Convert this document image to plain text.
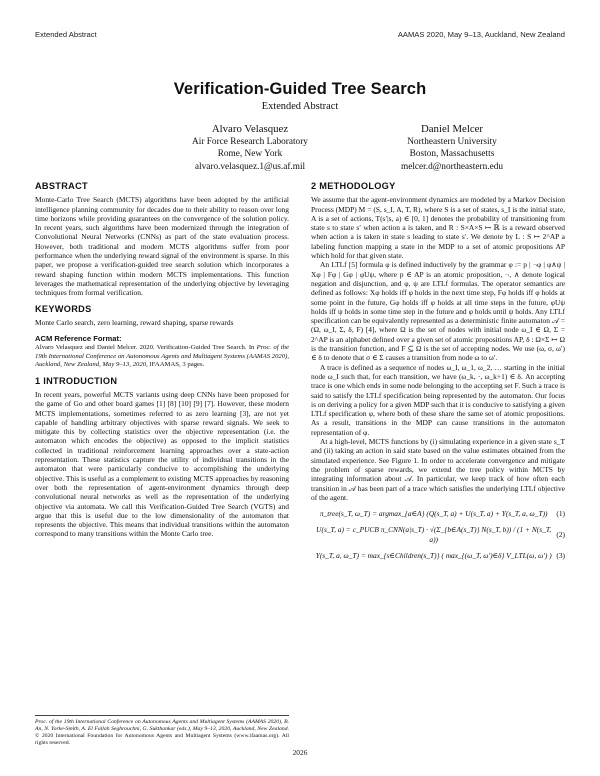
Extended Abstract	AAMAS 2020, May 9–13, Auckland, New Zealand
Verification-Guided Tree Search
Extended Abstract
Alvaro Velasquez
Air Force Research Laboratory
Rome, New York
alvaro.velasquez.1@us.af.mil
Daniel Melcer
Northeastern University
Boston, Massachusetts
melcer.d@northeastern.edu
ABSTRACT

Monte-Carlo Tree Search (MCTS) algorithms have been adopted by the artificial intelligence planning community for decades due to their ability to reason over long time horizons while providing guarantees on the convergence of the solution policy. In recent years, such algorithms have been modernized through the integration of Convolutional Neural Networks (CNNs) as part of the state evaluation process. However, both traditional and modern MCTS algorithms suffer from poor performance when the underlying reward signal of the environment is sparse. In this paper, we propose a verification-guided tree search solution which incorporates a reward shaping function within modern MCTS implementations. This function leverages the mathematical representation of the underlying objective by leveraging techniques from formal verification.

KEYWORDS

Monte Carlo search, zero learning, reward shaping, sparse rewards

ACM Reference Format:

Alvaro Velasquez and Daniel Melcer. 2020. Verification-Guided Tree Search. In Proc. of the 19th International Conference on Autonomous Agents and Multiagent Systems (AAMAS 2020), Auckland, New Zealand, May 9–13, 2020, IFAAMAS, 3 pages.

1 INTRODUCTION

In recent years, powerful MCTS variants using deep CNNs have been proposed for the game of Go and other board games [1] [8] [10] [9] [7]. However, these modern MCTS implementations, sometimes referred to as zero learning [3], are not yet capable of handling arbitrary objectives with sparse reward signals. We seek to mitigate this by collecting statistics over the objective representation (i.e. the automaton which encodes the objective) as opposed to the implicit statistics collected in traditional reinforcement learning approaches over a state-action representation. These statistics capture the utility of individual transitions in the automaton that were particularly conducive to accomplishing the underlying objective. This is useful as a complement to existing MCTS approaches by reasoning over both the representation of agent-environment dynamics through deep convolutional neural networks as well as the representation of the underlying objective via automata. We call this Verification-Guided Tree Search (VGTS) and argue that this is useful due to the low dimensionality of the automaton that represents the objective. This means that individual transitions within the automaton correspond to many transitions within the Monte Carlo tree.

Proc. of the 19th International Conference on Autonomous Agents and Multiagent Systems (AAMAS 2020), B. An, N. Yorke-Smith, A. El Fallah Seghrouchni, G. Sukthankar (eds.), May 9–13, 2020, Auckland, New Zealand. © 2020 International Foundation for Autonomous Agents and Multiagent Systems (www.ifaamas.org). All rights reserved.
2 METHODOLOGY

We assume that the agent-environment dynamics are modeled by a Markov Decision Process (MDP) M = (S, s_I, A, T, R), where S is a set of states, s_I is the initial state, A is a set of actions, T(s′|s, a) ∈ [0, 1] denotes the probability of transitioning from state s to state s′ when action a is taken, and R : S×A×S ↦ ℝ is a reward observed when action a is taken in state s leading to state s′. We denote by L : S ↦ 2^AP a labeling function mapping a state in the MDP to a set of atomic propositions AP which hold for that given state.

An LTLf [5] formula φ is defined inductively by the grammar φ := p | ¬φ | φ∧ψ | Xφ | Fφ | Gφ | φUψ, where p ∈ AP is an atomic proposition, ¬, ∧ denote logical negation and disjunction, and φ, ψ are LTLf formulas. The operator semantics are defined as follows: Xφ holds iff φ holds in the next time step, Fφ holds iff φ holds at some point in the future, Gφ holds iff φ holds at all time steps in the future, φUψ holds iff ψ holds in some time step in the future and φ holds until ψ holds. Any LTLf specification can be equivalently represented as a deterministic finite automaton 𝒜 = (Ω, ω_I, Σ, δ, F) [4], where Ω is the set of nodes with initial node ω_I ∈ Ω, Σ = 2^AP is an alphabet defined over a given set of atomic propositions AP, δ : Ω×Σ ↦ Ω is the transition function, and F ⊆ Ω is the set of accepting nodes. We use (ω, σ, ω′) ∈ δ to denote that σ ∈ Σ causes a transition from node ω to ω′.

A trace is defined as a sequence of nodes ω_I, ω_1, ω_2, … starting in the initial node ω_I such that, for each transition, we have (ω_k, ·, ω_k+1) ∈ δ. An accepting trace is one which ends in some node belonging to the accepting set F. Such a trace is said to satisfy the LTLf specification being represented by the automaton. Our focus is on deriving a policy for a given MDP such that it is conducive to satisfying a given LTLf specification φ, where both of these share the same set of atomic propositions. As a result, transitions in the MDP can cause transitions in the automaton representation of φ.

At a high-level, MCTS functions by (i) simulating experience in a given state s_T and (ii) taking an action in said state based on the value estimates obtained from the simulated experience. See Figure 1. In order to accelerate convergence and mitigate the problem of sparse rewards, we extend the tree policy within MCTS by integrating information about 𝒜. In particular, we keep track of how often each transition in 𝒜 has been part of a trace which satisfies the underlying LTLf objective of the agent.

π_tree(s_T, ω_T) = argmax_{a∈A} (Q(s_T, a) + U(s_T, a) + Y(s_T, a, ω_T))	(1)
U(s_T, a) = c_PUCB π_CNN(a|s_T) · √(Σ_{b∈A(s_T)} N(s_T, b)) / (1 + N(s_T, a))
(2)
Y(s_T, a, ω_T) = max_{s∈Children(s_T)} ( max_{(ω_T, ω′)∈δ} V_LTL(ω, ω′) ) (3)
2026
